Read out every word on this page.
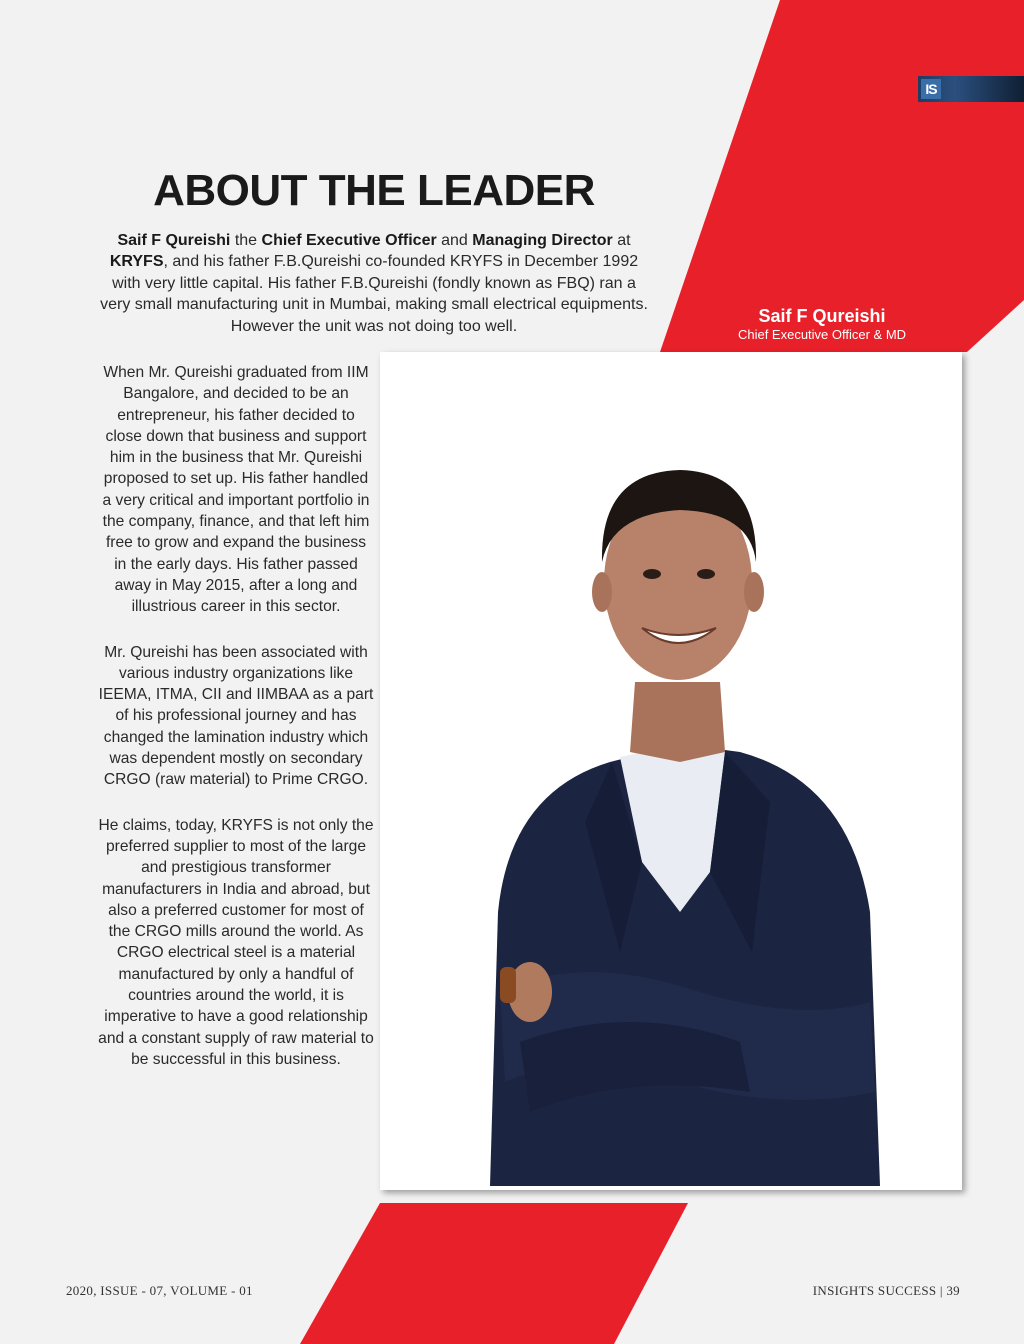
IS
ABOUT THE LEADER

Saif F Qureishi the Chief Executive Officer and Managing Director at KRYFS, and his father F.B.Qureishi co-founded KRYFS in December 1992 with very little capital. His father F.B.Qureishi (fondly known as FBQ) ran a very small manufacturing unit in Mumbai, making small electrical equipments. However the unit was not doing too well.

Saif F Qureishi
Chief Executive Officer & MD

When Mr. Qureishi graduated from IIM Bangalore, and decided to be an entrepreneur, his father decided to close down that business and support him in the business that Mr. Qureishi proposed to set up. His father handled a very critical and important portfolio in the company, finance, and that left him free to grow and expand the business in the early days. His father passed away in May 2015, after a long and illustrious career in this sector.

Mr. Qureishi has been associated with various industry organizations like IEEMA, ITMA, CII and IIMBAA as a part of his professional journey and has changed the lamination industry which was dependent mostly on secondary CRGO (raw material) to Prime CRGO.

He claims, today, KRYFS is not only the preferred supplier to most of the large and prestigious transformer manufacturers in India and abroad, but also a preferred customer for most of the CRGO mills around the world. As CRGO electrical steel is a material manufactured by only a handful of countries around the world, it is imperative to have a good relationship and a constant supply of raw material to be successful in this business.

2020, ISSUE - 07, VOLUME - 01	INSIGHTS SUCCESS | 39
